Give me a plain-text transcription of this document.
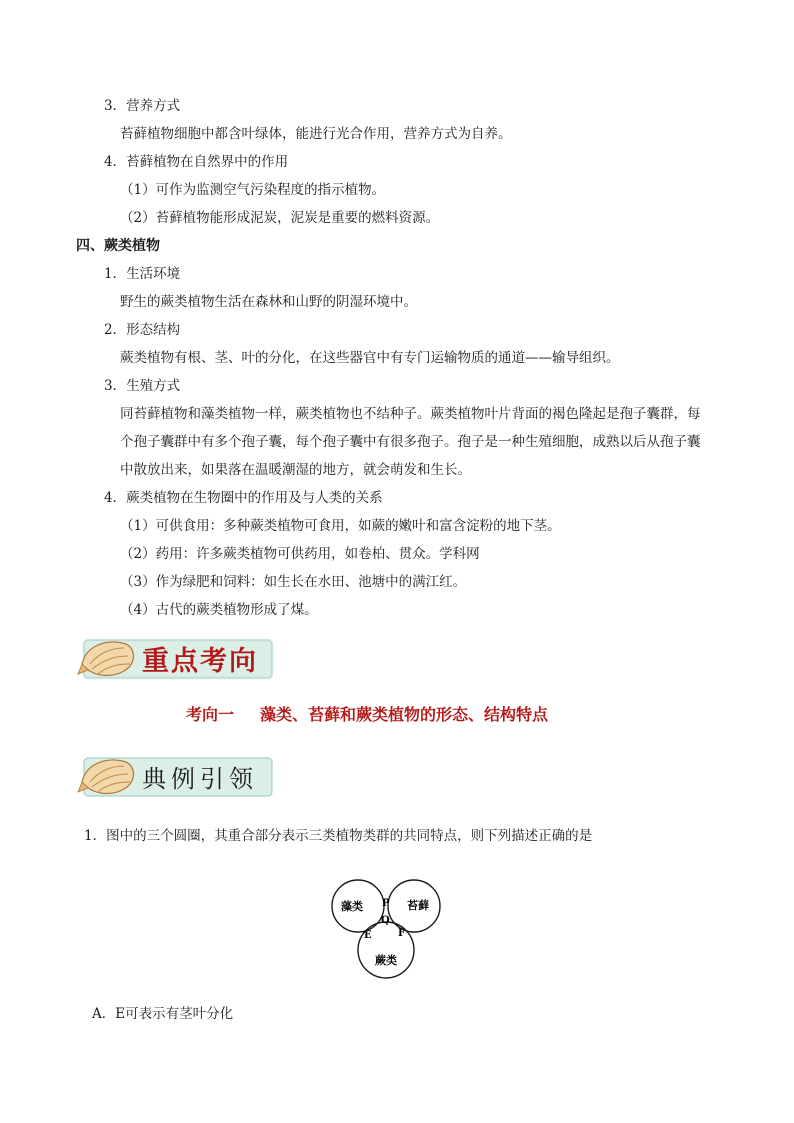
3．营养方式
苔藓植物细胞中都含叶绿体，能进行光合作用，营养方式为自养。
4．苔藓植物在自然界中的作用
（1）可作为监测空气污染程度的指示植物。
（2）苔藓植物能形成泥炭，泥炭是重要的燃料资源。
四、蕨类植物
1．生活环境
野生的蕨类植物生活在森林和山野的阴湿环境中。
2．形态结构
蕨类植物有根、茎、叶的分化，在这些器官中有专门运输物质的通道——输导组织。
3．生殖方式
同苔藓植物和藻类植物一样，蕨类植物也不结种子。蕨类植物叶片背面的褐色隆起是孢子囊群，每
个孢子囊群中有多个孢子囊，每个孢子囊中有很多孢子。孢子是一种生殖细胞，成熟以后从孢子囊
中散放出来，如果落在温暖潮湿的地方，就会萌发和生长。
4．蕨类植物在生物圈中的作用及与人类的关系
（1）可供食用：多种蕨类植物可食用，如蕨的嫩叶和富含淀粉的地下茎。
（2）药用：许多蕨类植物可供药用，如卷柏、贯众。学科网
（3）作为绿肥和饲料：如生长在水田、池塘中的满江红。
（4）古代的蕨类植物形成了煤。
重点考向
考向一 藻类、苔藓和蕨类植物的形态、结构特点
典例引领
1．图中的三个圆圈，其重合部分表示三类植物类群的共同特点，则下列描述正确的是
藻类	苔藓
蕨类
P
Q
E	F
A．E可表示有茎叶分化
